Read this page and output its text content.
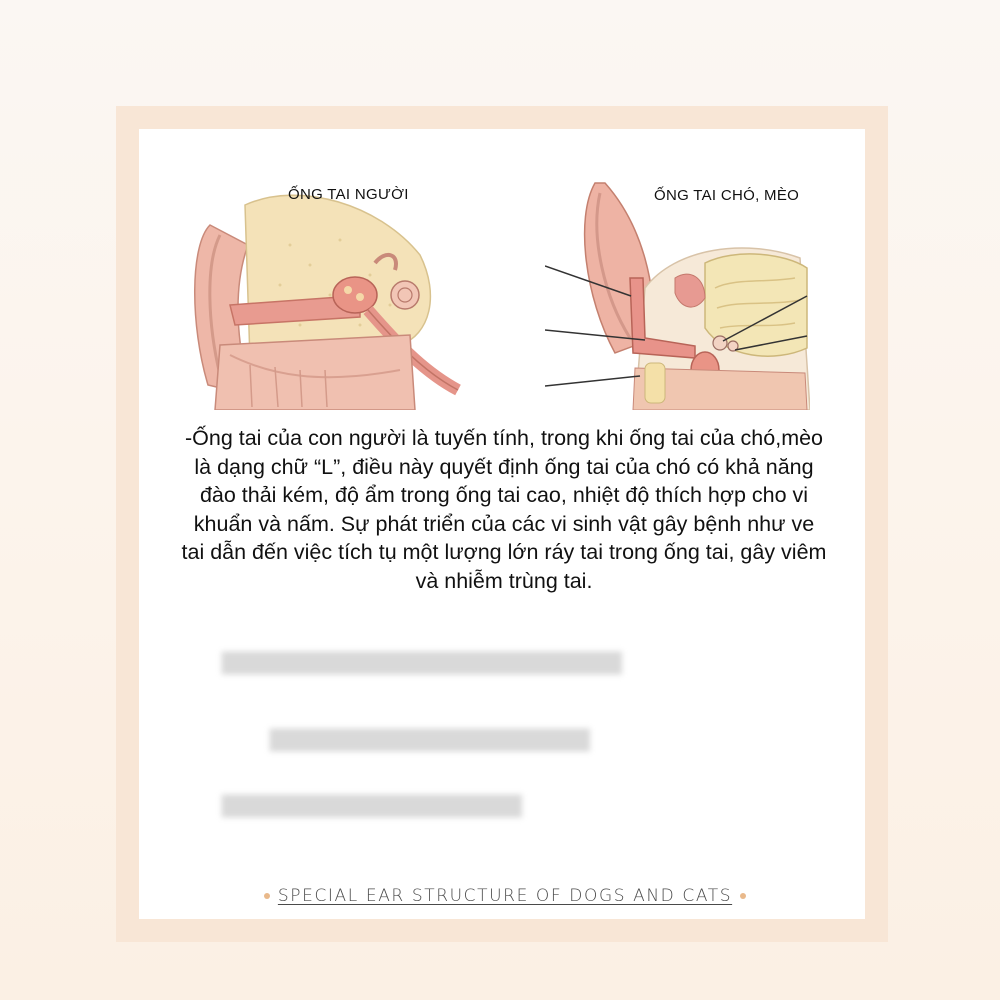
ỐNG TAI NGƯỜI	ỐNG TAI CHÓ, MÈO

-Ống tai của con người là tuyến tính, trong khi ống tai của chó,mèo là dạng chữ “L”, điều này quyết định ống tai của chó có khả năng đào thải kém, độ ẩm trong ống tai cao, nhiệt độ thích hợp cho vi khuẩn và nấm. Sự phát triển của các vi sinh vật gây bệnh như ve tai dẫn đến việc tích tụ một lượng lớn ráy tai trong ống tai, gây viêm và nhiễm trùng tai.

▆▆▆▆▆▆▆▆▆▆▆▆▆▆▆▆▆▆▆▆
▆▆▆▆▆▆▆▆▆▆▆▆▆▆▆▆
▆▆▆▆▆▆▆▆▆▆▆▆▆▆▆
SPECIAL EAR STRUCTURE OF DOGS AND CATS
